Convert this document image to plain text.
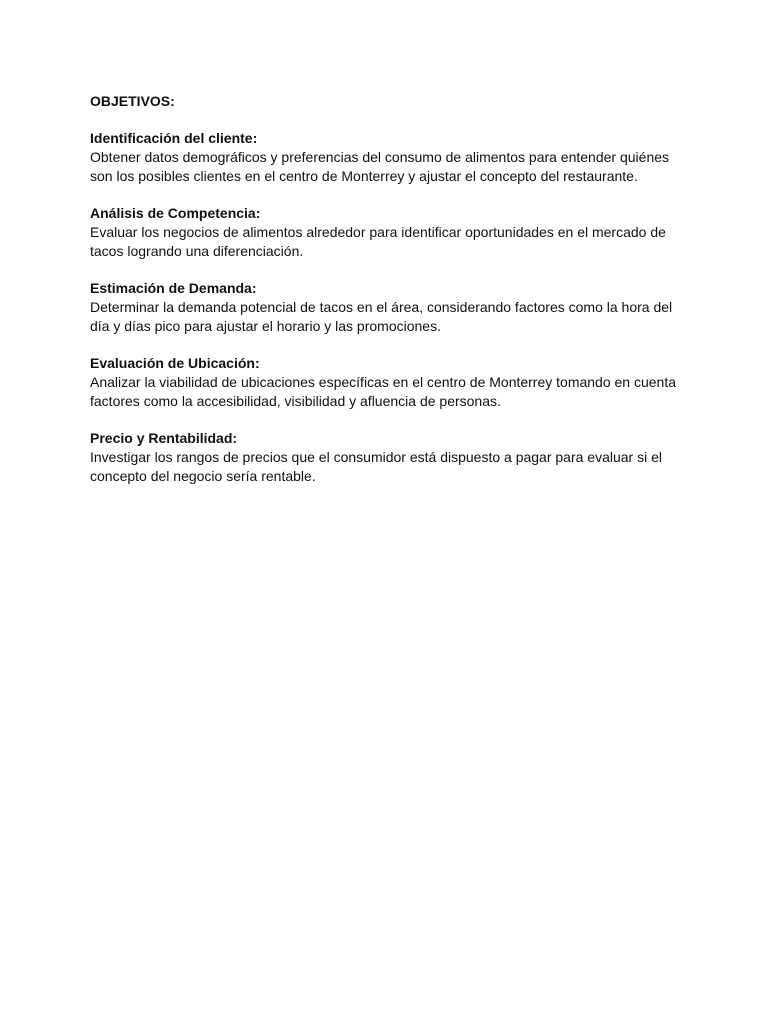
OBJETIVOS:

Identificación del cliente:

Obtener datos demográficos y preferencias del consumo de alimentos para entender quiénes son los posibles clientes en el centro de Monterrey y ajustar el concepto del restaurante.

Análisis de Competencia:

Evaluar los negocios de alimentos alrededor para identificar oportunidades en el mercado de tacos logrando una diferenciación.

Estimación de Demanda:

Determinar la demanda potencial de tacos en el área, considerando factores como la hora del día y días pico para ajustar el horario y las promociones.

Evaluación de Ubicación:

Analizar la viabilidad de ubicaciones específicas en el centro de Monterrey tomando en cuenta factores como la accesibilidad, visibilidad y afluencia de personas.

Precio y Rentabilidad:

Investigar los rangos de precios que el consumidor está dispuesto a pagar para evaluar si el concepto del negocio sería rentable.
